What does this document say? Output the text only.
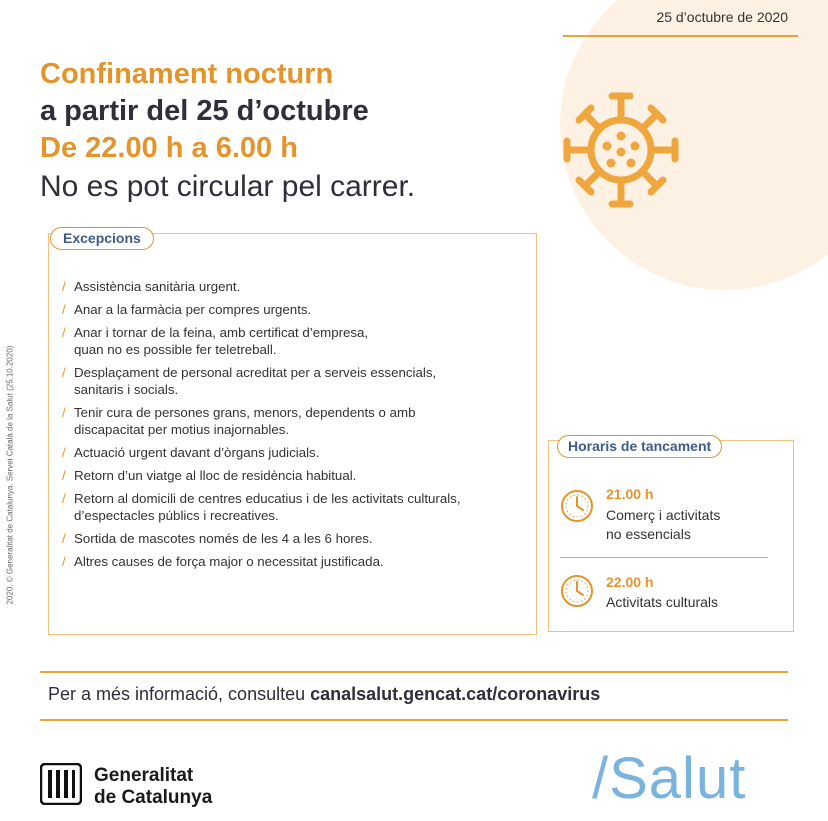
25 d’octubre de 2020
Confinament nocturn
a partir del 25 d’octubre
De 22.00 h a 6.00 h
No es pot circular pel carrer.
Excepcions
/ Assistència sanitària urgent.
/ Anar a la farmàcia per compres urgents.
/ Anar i tornar de la feina, amb certificat d’empresa,
quan no es possible fer teletreball.
/ Desplaçament de personal acreditat per a serveis essencials,
sanitaris i socials.
/ Tenir cura de persones grans, menors, dependents o amb
discapacitat per motius inajornables.
/ Actuació urgent davant d’òrgans judicials.
/ Retorn d’un viatge al lloc de residència habitual.
/ Retorn al domicili de centres educatius i de les activitats culturals,
d’espectacles públics i recreatives.
/ Sortida de mascotes només de les 4 a les 6 hores.
/ Altres causes de força major o necessitat justificada.
2020. © Generalitat de Catalunya. Servei Català de la Salut (25.10.2020)	Horaris de tancament
21.00 h
Comerç i activitats
no essencials
22.00 h
Activitats culturals
Per a més informació, consulteu canalsalut.gencat.cat/coronavirus
Generalitat
de Catalunya	/Salut
